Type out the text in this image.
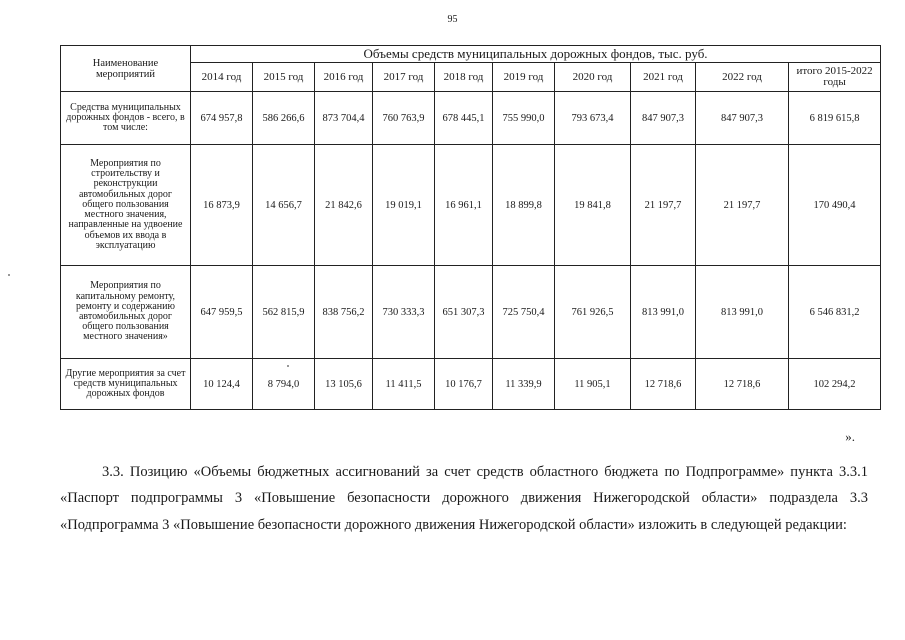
95
Наименование мероприятий	Объемы средств муниципальных дорожных фондов, тыс. руб.									
	2014 год	2015 год	2016 год	2017 год	2018 год	2019 год	2020 год	2021 год	2022 год	итого 2015-2022 годы
Средства муниципальных дорожных фондов - всего, в том числе:	674 957,8	586 266,6	873 704,4	760 763,9	678 445,1	755 990,0	793 673,4	847 907,3	847 907,3	6 819 615,8
Мероприятия по строительству и реконструкции автомобильных дорог общего пользования местного значения, направленные на удвоение объемов их ввода в эксплуатацию	16 873,9	14 656,7	21 842,6	19 019,1	16 961,1	18 899,8	19 841,8	21 197,7	21 197,7	170 490,4
Мероприятия по капитальному ремонту, ремонту и содержанию автомобильных дорог общего пользования местного значения»	647 959,5	562 815,9	838 756,2	730 333,3	651 307,3	725 750,4	761 926,5	813 991,0	813 991,0	6 546 831,2
Другие мероприятия за счет средств муниципальных дорожных фондов	10 124,4	8 794,0	13 105,6	11 411,5	10 176,7	11 339,9	11 905,1	12 718,6	12 718,6	102 294,2
».

3.3. Позицию «Объемы бюджетных ассигнований за счет средств областного бюджета по Подпрограмме» пункта 3.3.1 «Паспорт подпрограммы 3 «Повышение безопасности дорожного движения Нижегородской области» подраздела 3.3 «Подпрограмма 3 «Повышение безопасности дорожного движения Нижегородской области» изложить в следующей редакции:
